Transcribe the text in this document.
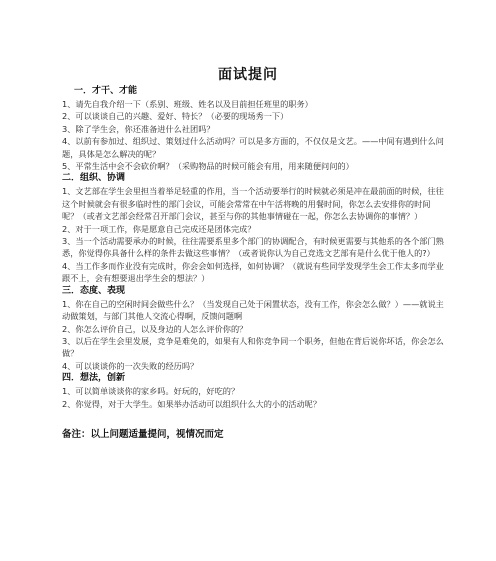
面试提问
一．才干、才能
1、请先自我介绍一下（系别、班级、姓名以及目前担任班里的职务）
2、可以谈谈自己的兴趣、爱好、特长？（必要的现场秀一下）
3、除了学生会，你还准备进什么社团吗？
4、以前有参加过、组织过、策划过什么活动吗？可以是多方面的，不仅仅是文艺。——中间有遇到什么问题，具体是怎么解决的呢？
5、平常生活中会不会砍价啊？（采购物品的时候可能会有用，用来随便问问的）
二．组织、协调
1、文艺部在学生会里担当着举足轻重的作用，当一个活动要举行的时候就必须是冲在最前面的时候，往往这个时候就会有很多临时性的部门会议，可能会常常在中午活将晚的用餐时间，你怎么去安排你的时间呢？（或者文艺部会经常召开部门会议，甚至与你的其他事情碰在一起，你怎么去协调你的事情？）
2、对于一项工作，你是愿意自己完成还是团体完成？
3、当一个活动需要承办的时候，往往需要系里多个部门的协调配合，有时候更需要与其他系的各个部门熟悉，你觉得你具备什么样的条件去做这些事情？（或者说你认为自己竞选文艺部有是什么优于他人的?）
4、当工作多而作业没有完成时，你会会如何选择，如何协调？（就说有些同学发现学生会工作太多而学业跟不上，会有想要退出学生会的想法？）
三．态度、表现
1、你在自己的空闲时间会做些什么？（当发现自己处于闲置状态，没有工作，你会怎么做？）——就说主动做策划，与部门其他人交流心得啊，反馈问题啊
2、你怎么评价自己，以及身边的人怎么评价你的？
3、以后在学生会里发展，竞争是难免的，如果有人和你竞争同一个职务，但他在背后说你坏话，你会怎么做？
4、可以谈谈你的一次失败的经历吗？
四．想法，创新
1、可以简单谈谈你的家乡吗。好玩的，好吃的？
2、你觉得，对于大学生。如果举办活动可以组织什么大的小的活动呢？
备注：以上问题适量提问，视情况而定
